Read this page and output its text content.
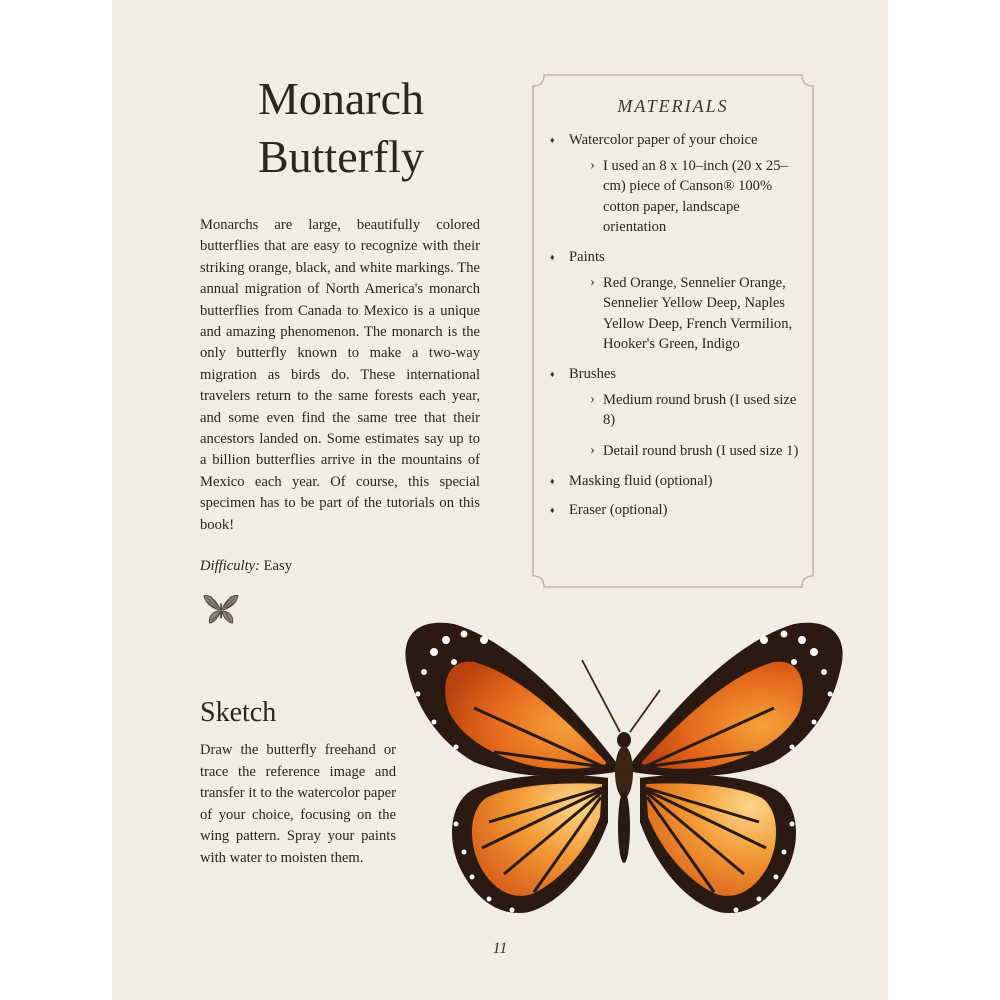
Monarch Butterfly

Monarchs are large, beautifully colored butterflies that are easy to recognize with their striking orange, black, and white markings. The annual migration of North America's monarch butterflies from Canada to Mexico is a unique and amazing phenomenon. The monarch is the only butterfly known to make a two-way migration as birds do. These international travelers return to the same forests each year, and some even find the same tree that their ancestors landed on. Some estimates say up to a billion butterflies arrive in the mountains of Mexico each year. Of course, this special specimen has to be part of the tutorials on this book!

Difficulty: Easy
MATERIALS
♦ Watercolor paper of your choice
› I used an 8 x 10–inch (20 x 25–cm) piece of Canson® 100% cotton paper, landscape orientation
♦ Paints
› Red Orange, Sennelier Orange, Sennelier Yellow Deep, Naples Yellow Deep, French Vermilion, Hooker's Green, Indigo
♦ Brushes
› Medium round brush (I used size 8)
› Detail round brush (I used size 1)
♦ Masking fluid (optional)
♦ Eraser (optional)
Sketch

Draw the butterfly freehand or trace the reference image and transfer it to the watercolor paper of your choice, focusing on the wing pattern. Spray your paints with water to moisten them.

11
